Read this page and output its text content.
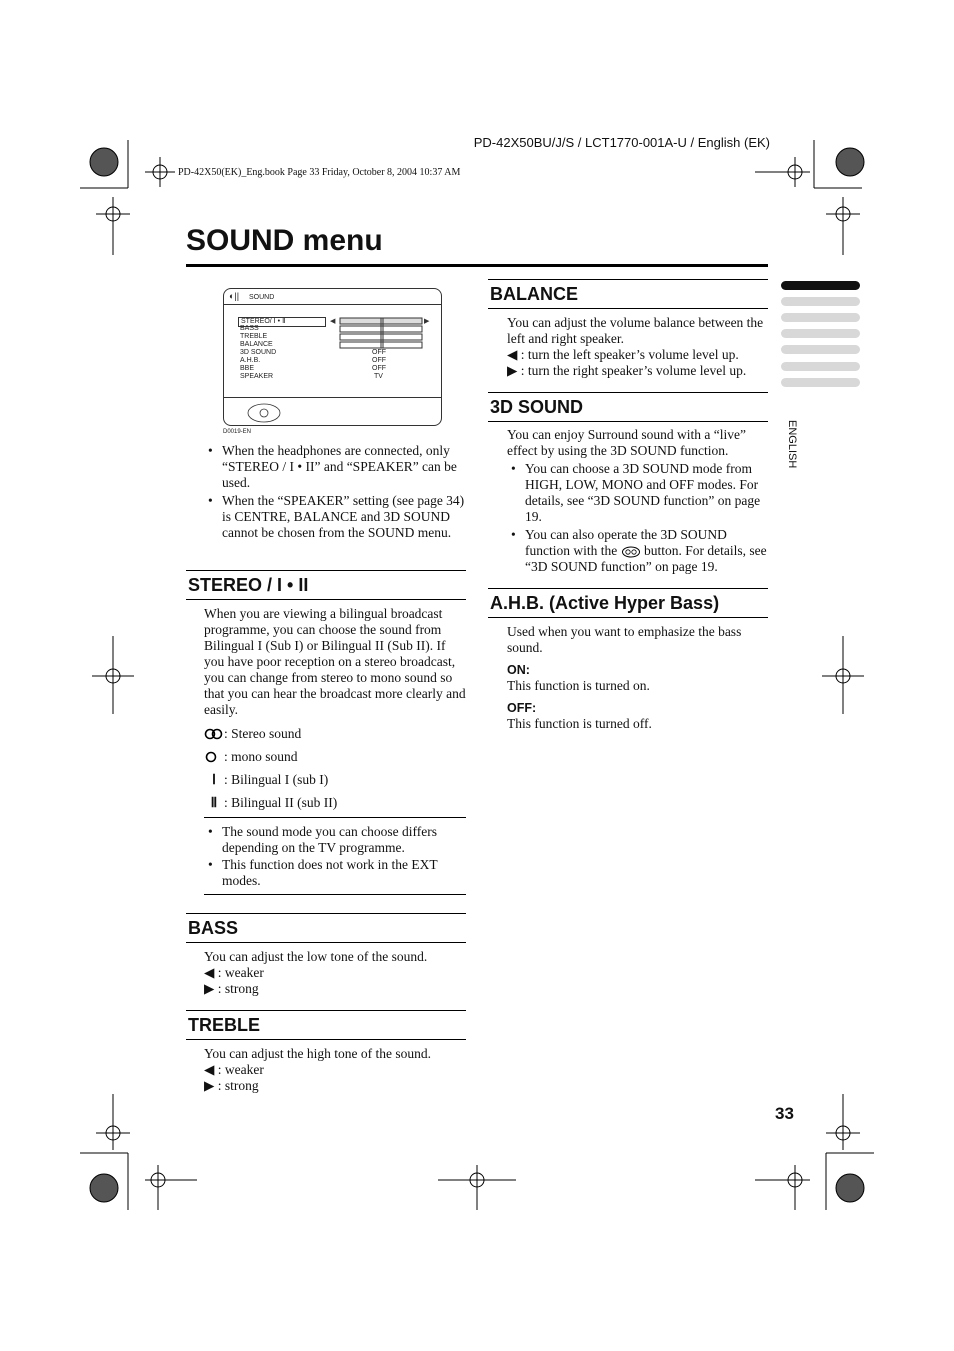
PD-42X50BU/J/S / LCT1770-001A-U / English (EK)
PD-42X50(EK)_Eng.book Page 33 Friday, October 8, 2004 10:37 AM
SOUND menu
ENGLISH
◐|| SOUND
STEREO/ Ⅰ • Ⅱ
BASS
TREBLE
BALANCE
3D SOUND	OFF
A.H.B.	OFF
BBE	OFF
SPEAKER	TV
◀	▶
D0019-EN
• When the headphones are connected, only “STEREO / I • II” and “SPEAKER” can be used.
• When the “SPEAKER” setting (see page 34) is CENTRE, BALANCE and 3D SOUND cannot be chosen from the SOUND menu.
STEREO / I • II
When you are viewing a bilingual broadcast programme, you can choose the sound from Bilingual I (Sub I) or Bilingual II (Sub II). If you have poor reception on a stereo broadcast, you can change from stereo to mono sound so that you can hear the broadcast more clearly and easily.
: Stereo sound
: mono sound
Ⅰ : Bilingual I (sub I)
Ⅱ : Bilingual II (sub II)
• The sound mode you can choose differs depending on the TV programme.
• This function does not work in the EXT modes.
BASS
You can adjust the low tone of the sound.
◀ : weaker
▶ : strong
TREBLE
You can adjust the high tone of the sound.
◀ : weaker
▶ : strong
BALANCE
You can adjust the volume balance between the left and right speaker.
◀ : turn the left speaker’s volume level up.
▶ : turn the right speaker’s volume level up.
3D SOUND
You can enjoy Surround sound with a “live” effect by using the 3D SOUND function.
• You can choose a 3D SOUND mode from HIGH, LOW, MONO and OFF modes. For details, see “3D SOUND function” on page 19.
• You can also operate the 3D SOUND function with the button. For details, see “3D SOUND function” on page 19.
A.H.B. (Active Hyper Bass)
Used when you want to emphasize the bass sound.
ON:
This function is turned on.
OFF:
This function is turned off.
33
